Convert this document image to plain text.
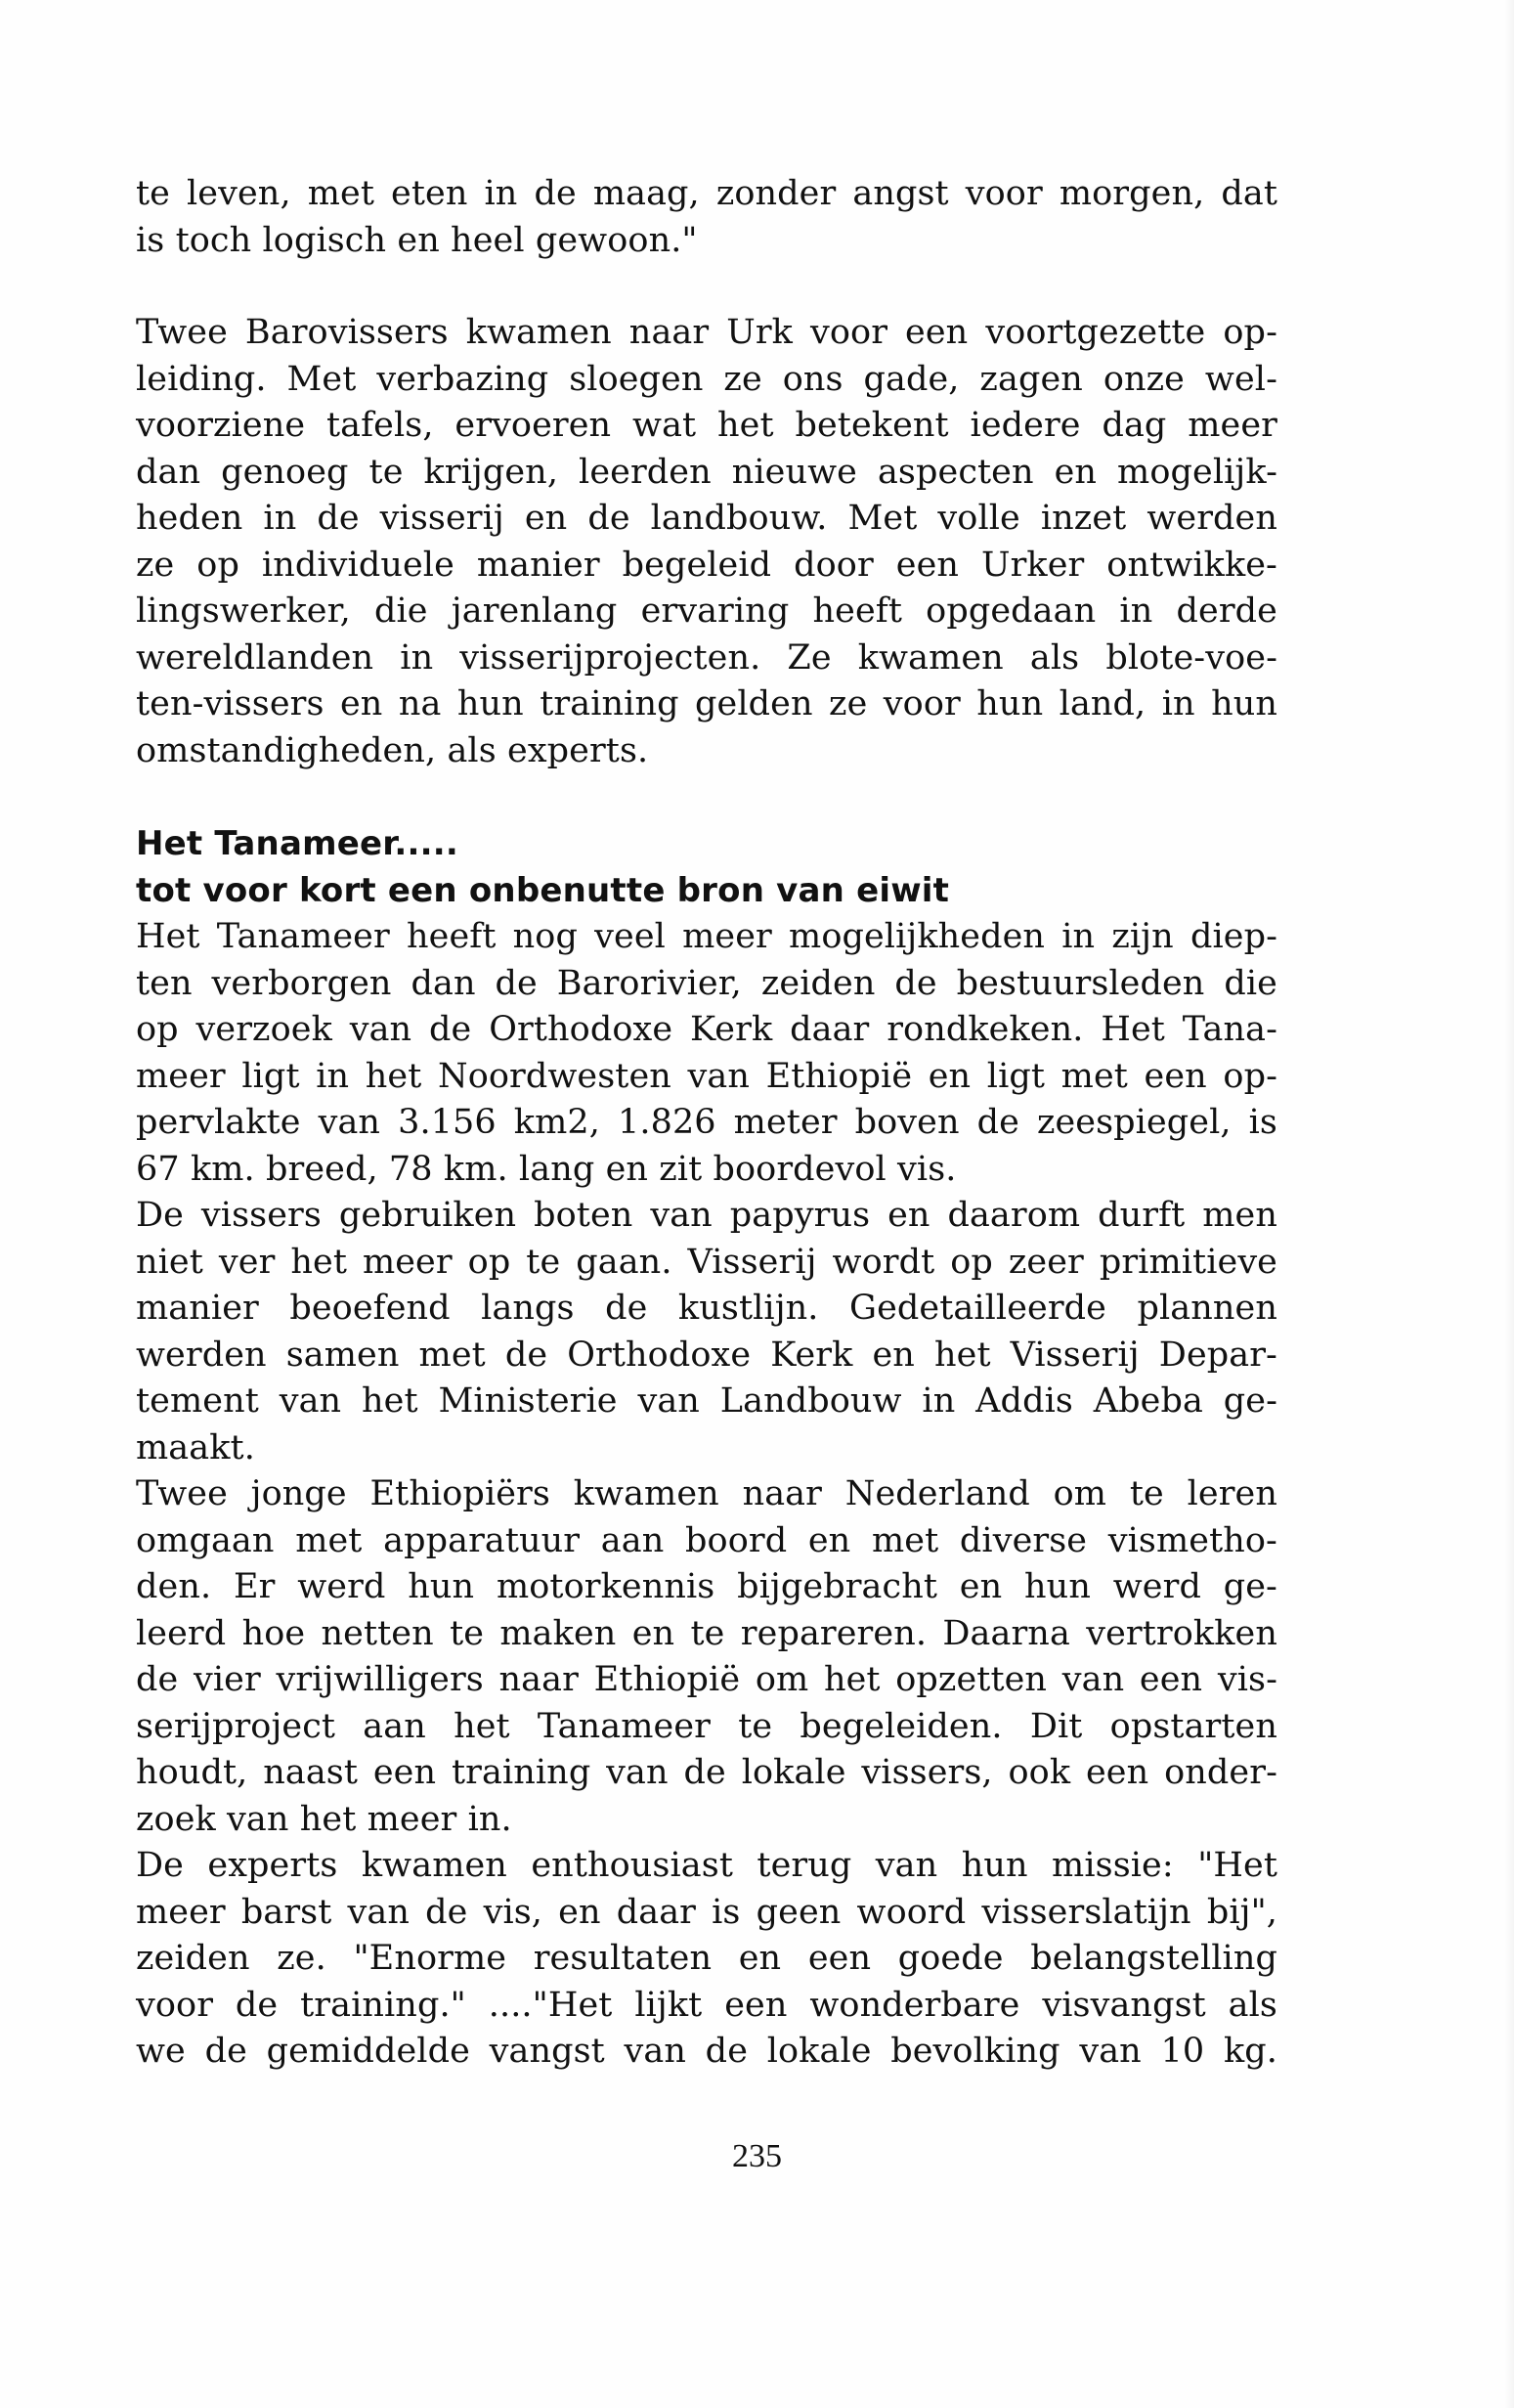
te leven, met eten in de maag, zonder angst voor morgen, dat
is toch logisch en heel gewoon."
Twee Barovissers kwamen naar Urk voor een voortgezette op-
leiding. Met verbazing sloegen ze ons gade, zagen onze wel-
voorziene tafels, ervoeren wat het betekent iedere dag meer
dan genoeg te krijgen, leerden nieuwe aspecten en mogelijk-
heden in de visserij en de landbouw. Met volle inzet werden
ze op individuele manier begeleid door een Urker ontwikke-
lingswerker, die jarenlang ervaring heeft opgedaan in derde
wereldlanden in visserijprojecten. Ze kwamen als blote-voe-
ten-vissers en na hun training gelden ze voor hun land, in hun
omstandigheden, als experts.
Het Tanameer.....
tot voor kort een onbenutte bron van eiwit
Het Tanameer heeft nog veel meer mogelijkheden in zijn diep-
ten verborgen dan de Barorivier, zeiden de bestuursleden die
op verzoek van de Orthodoxe Kerk daar rondkeken. Het Tana-
meer ligt in het Noordwesten van Ethiopië en ligt met een op-
pervlakte van 3.156 km2, 1.826 meter boven de zeespiegel, is
67 km. breed, 78 km. lang en zit boordevol vis.
De vissers gebruiken boten van papyrus en daarom durft men
niet ver het meer op te gaan. Visserij wordt op zeer primitieve
manier beoefend langs de kustlijn. Gedetailleerde plannen
werden samen met de Orthodoxe Kerk en het Visserij Depar-
tement van het Ministerie van Landbouw in Addis Abeba ge-
maakt.
Twee jonge Ethiopiërs kwamen naar Nederland om te leren
omgaan met apparatuur aan boord en met diverse vismetho-
den. Er werd hun motorkennis bijgebracht en hun werd ge-
leerd hoe netten te maken en te repareren. Daarna vertrokken
de vier vrijwilligers naar Ethiopië om het opzetten van een vis-
serijproject aan het Tanameer te begeleiden. Dit opstarten
houdt, naast een training van de lokale vissers, ook een onder-
zoek van het meer in.
De experts kwamen enthousiast terug van hun missie: "Het
meer barst van de vis, en daar is geen woord visserslatijn bij",
zeiden ze. "Enorme resultaten en een goede belangstelling
voor de training." ...."Het lijkt een wonderbare visvangst als
we de gemiddelde vangst van de lokale bevolking van 10 kg.
235
